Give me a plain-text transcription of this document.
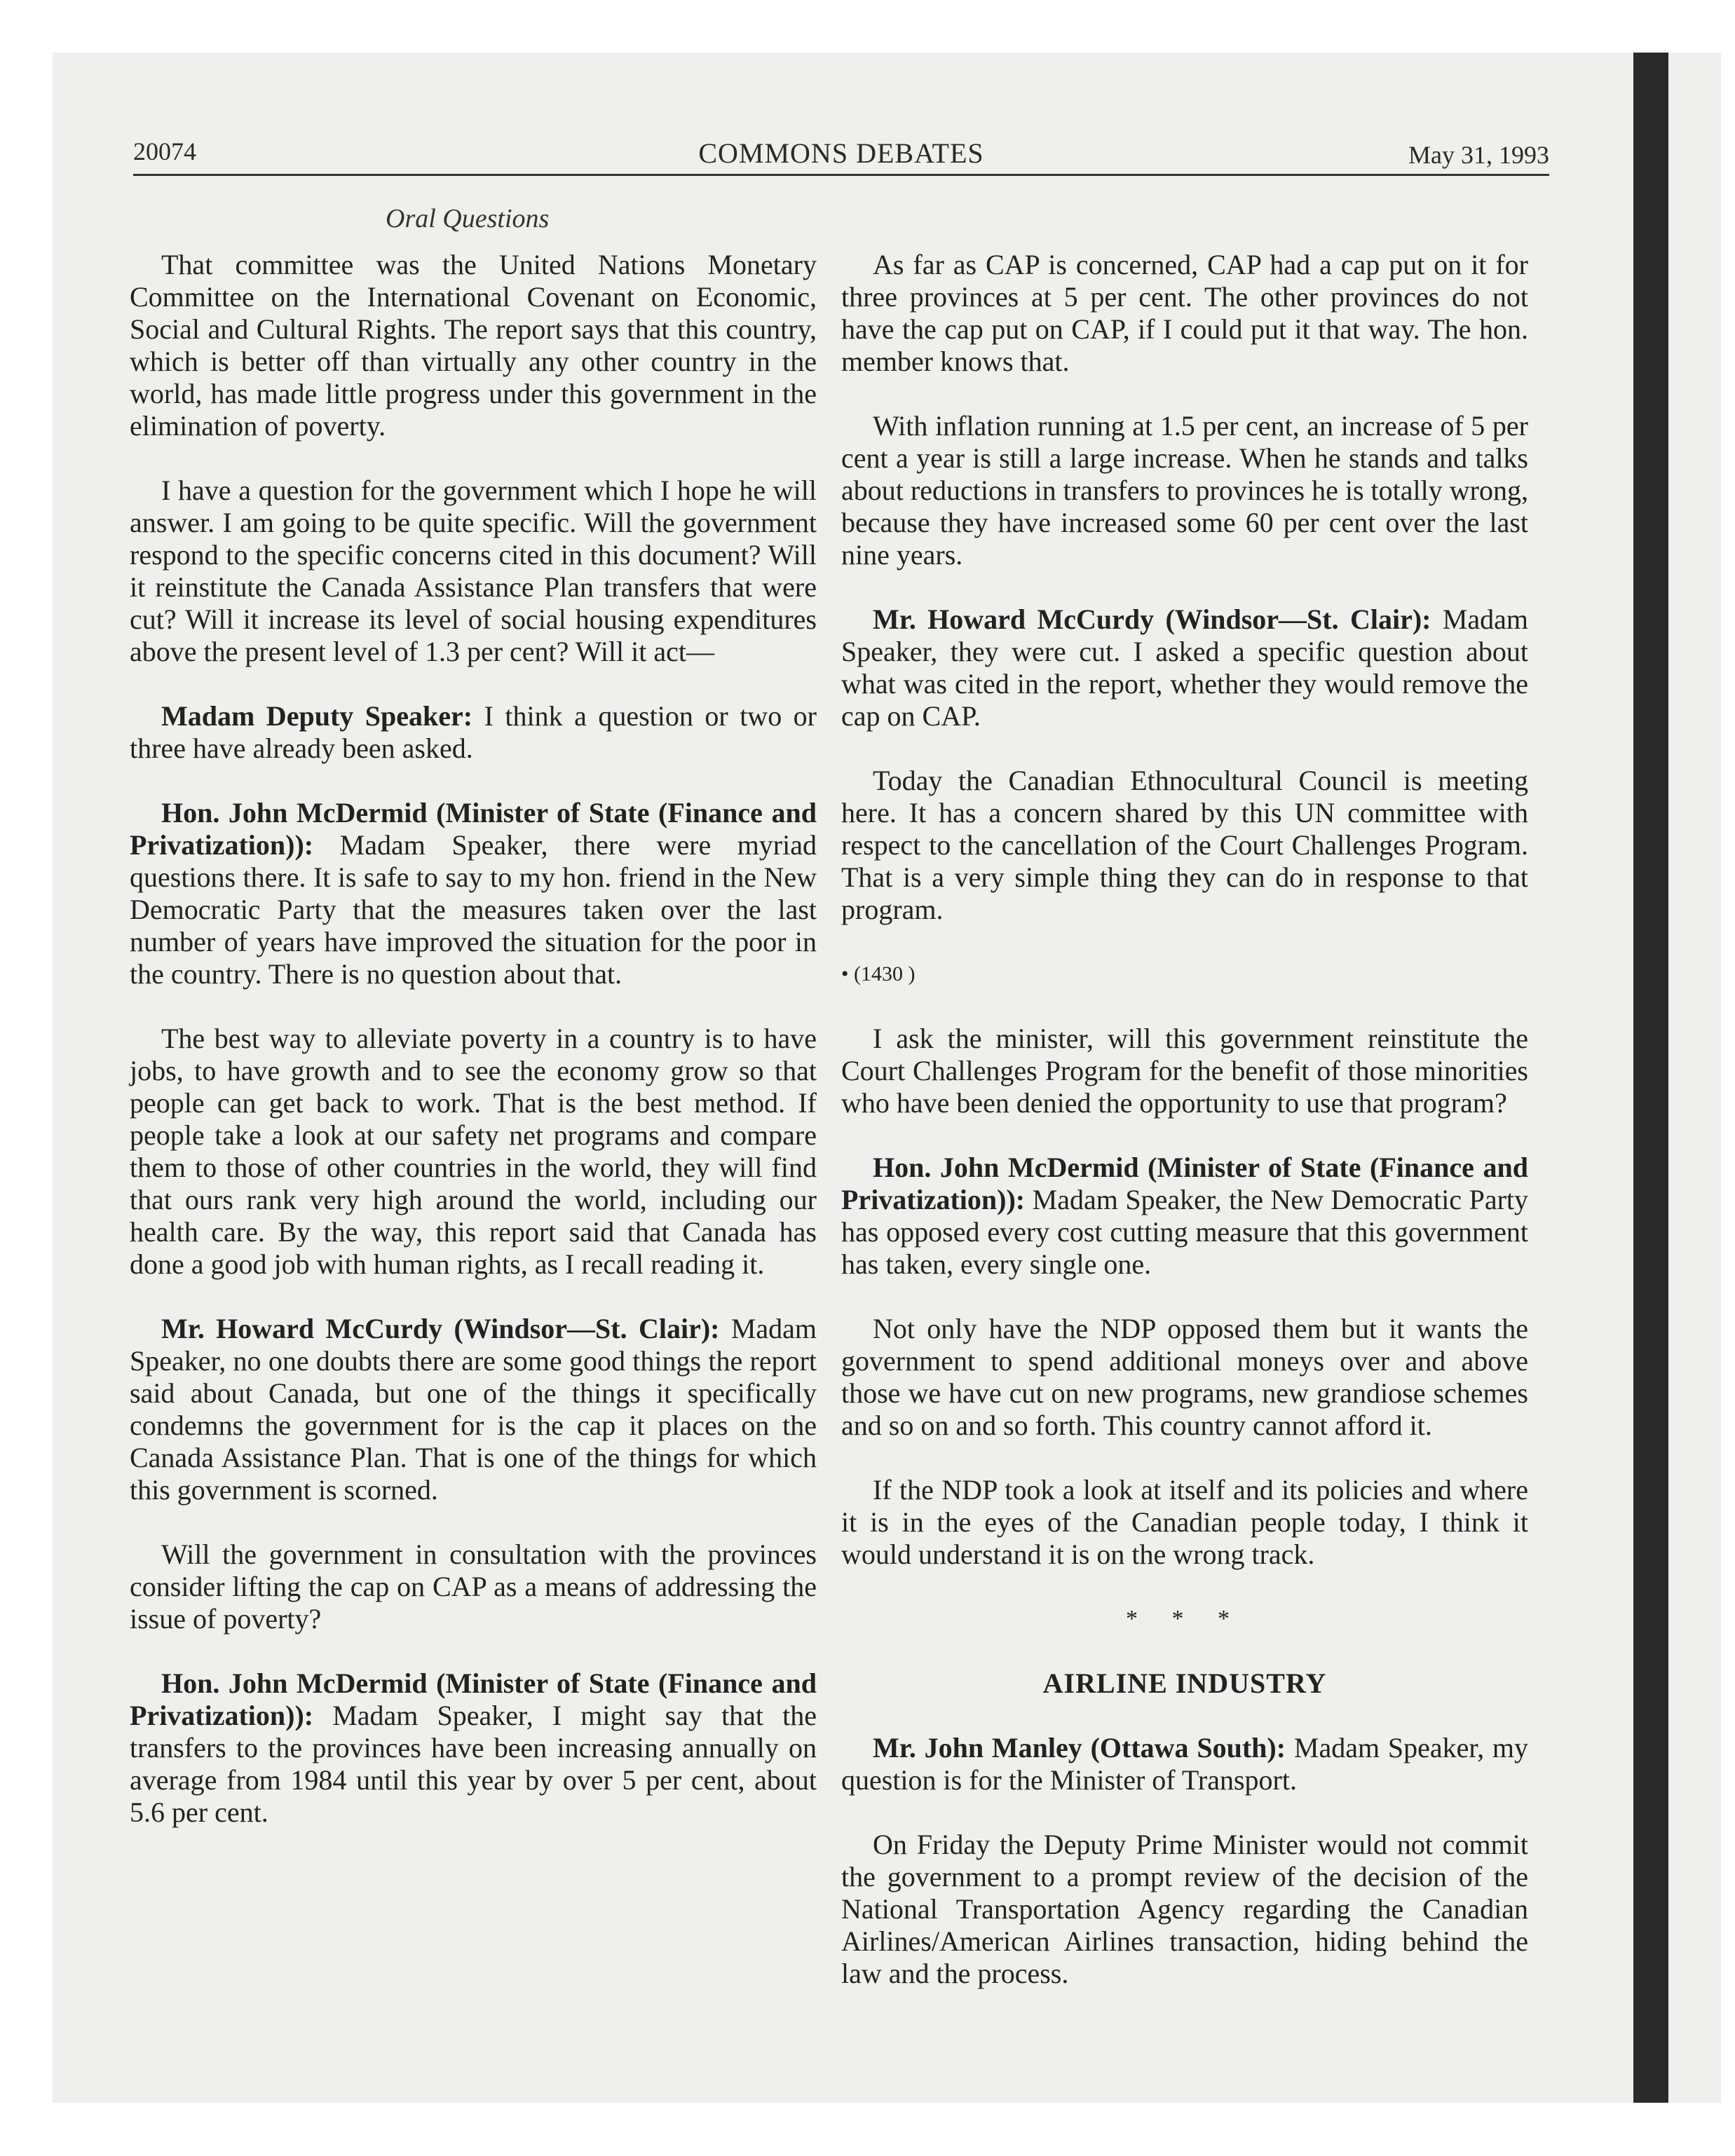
20074	COMMONS DEBATES	May 31, 1993
Oral Questions

That committee was the United Nations Monetary Committee on the International Covenant on Economic, Social and Cultural Rights. The report says that this country, which is better off than virtually any other country in the world, has made little progress under this government in the elimination of poverty.

I have a question for the government which I hope he will answer. I am going to be quite specific. Will the government respond to the specific concerns cited in this document? Will it reinstitute the Canada Assistance Plan transfers that were cut? Will it increase its level of social housing expenditures above the present level of 1.3 per cent? Will it act—

Madam Deputy Speaker: I think a question or two or three have already been asked.

Hon. John McDermid (Minister of State (Finance and Privatization)): Madam Speaker, there were myriad questions there. It is safe to say to my hon. friend in the New Democratic Party that the measures taken over the last number of years have improved the situation for the poor in the country. There is no question about that.

The best way to alleviate poverty in a country is to have jobs, to have growth and to see the economy grow so that people can get back to work. That is the best method. If people take a look at our safety net programs and compare them to those of other countries in the world, they will find that ours rank very high around the world, including our health care. By the way, this report said that Canada has done a good job with human rights, as I recall reading it.

Mr. Howard McCurdy (Windsor—St. Clair): Madam Speaker, no one doubts there are some good things the report said about Canada, but one of the things it specifically condemns the government for is the cap it places on the Canada Assistance Plan. That is one of the things for which this government is scorned.

Will the government in consultation with the provinces consider lifting the cap on CAP as a means of addressing the issue of poverty?

Hon. John McDermid (Minister of State (Finance and Privatization)): Madam Speaker, I might say that the transfers to the provinces have been increasing annually on average from 1984 until this year by over 5 per cent, about 5.6 per cent.

As far as CAP is concerned, CAP had a cap put on it for three provinces at 5 per cent. The other provinces do not have the cap put on CAP, if I could put it that way. The hon. member knows that.

With inflation running at 1.5 per cent, an increase of 5 per cent a year is still a large increase. When he stands and talks about reductions in transfers to provinces he is totally wrong, because they have increased some 60 per cent over the last nine years.

Mr. Howard McCurdy (Windsor—St. Clair): Madam Speaker, they were cut. I asked a specific question about what was cited in the report, whether they would remove the cap on CAP.

Today the Canadian Ethnocultural Council is meeting here. It has a concern shared by this UN committee with respect to the cancellation of the Court Challenges Program. That is a very simple thing they can do in response to that program.

• (1430 )

I ask the minister, will this government reinstitute the Court Challenges Program for the benefit of those minorities who have been denied the opportunity to use that program?

Hon. John McDermid (Minister of State (Finance and Privatization)): Madam Speaker, the New Democratic Party has opposed every cost cutting measure that this government has taken, every single one.

Not only have the NDP opposed them but it wants the government to spend additional moneys over and above those we have cut on new programs, new grandiose schemes and so on and so forth. This country cannot afford it.

If the NDP took a look at itself and its policies and where it is in the eyes of the Canadian people today, I think it would understand it is on the wrong track.

* * *

AIRLINE INDUSTRY

Mr. John Manley (Ottawa South): Madam Speaker, my question is for the Minister of Transport.

On Friday the Deputy Prime Minister would not commit the government to a prompt review of the decision of the National Transportation Agency regarding the Canadian Airlines/American Airlines transaction, hiding behind the law and the process.
